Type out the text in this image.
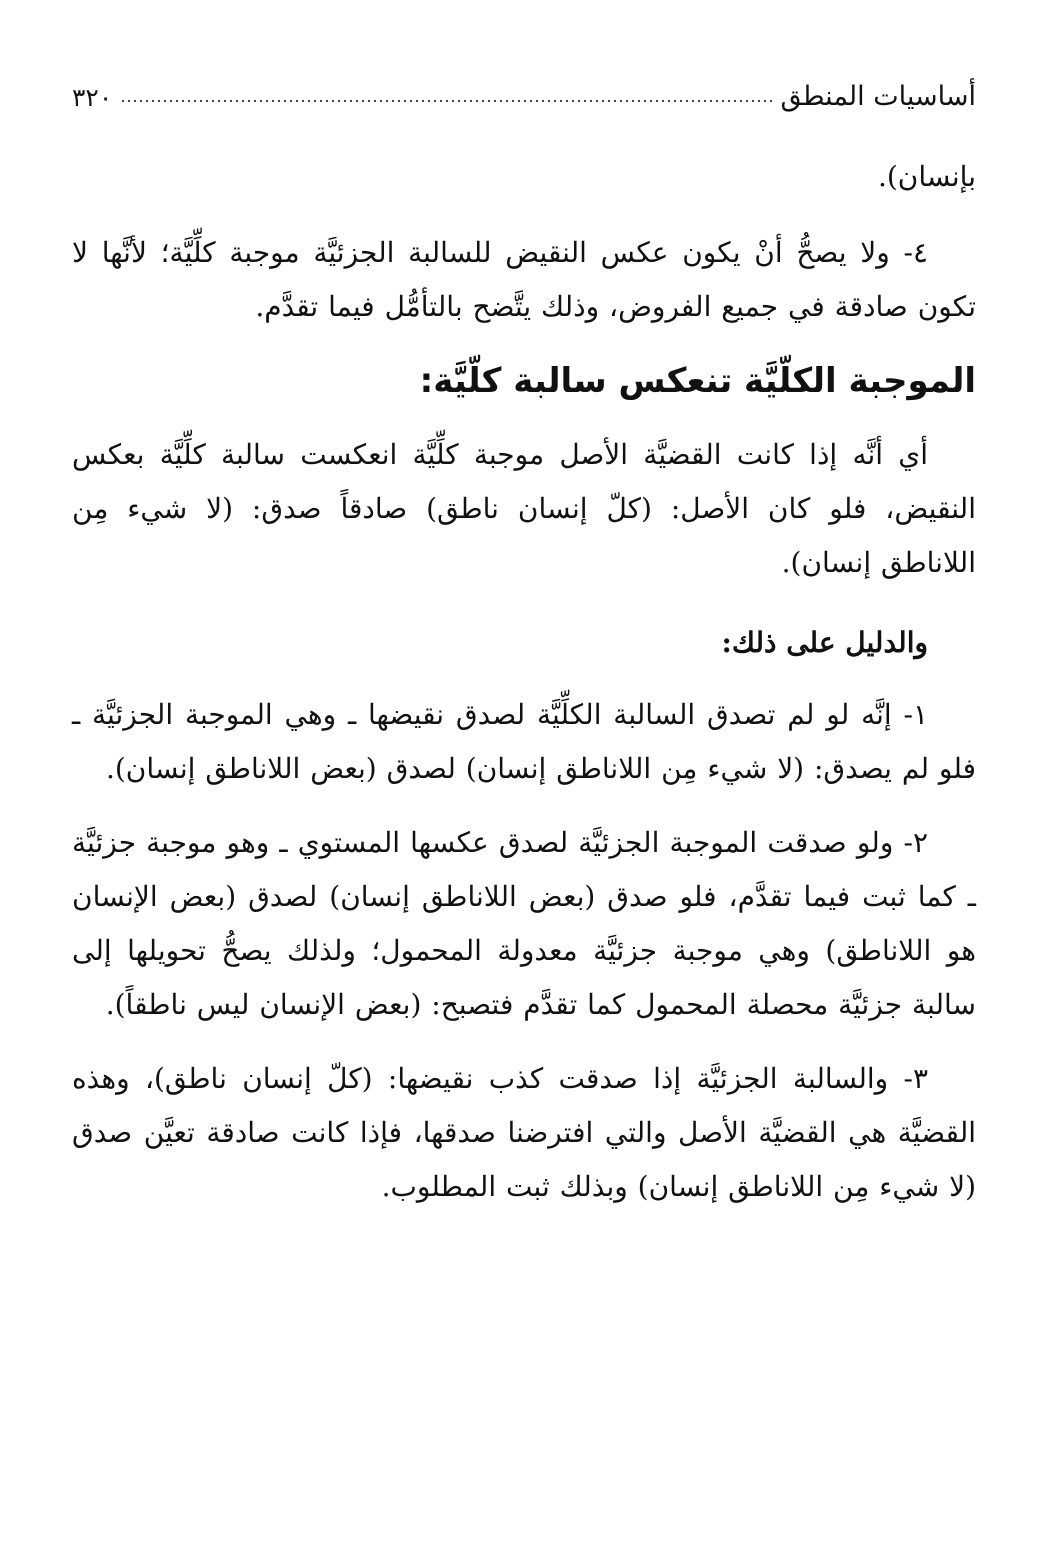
أساسيات المنطق
٣٢٠

بإنسان).

٤- ولا يصحُّ أنْ يكون عكس النقيض للسالبة الجزئيَّة موجبة كلِّيَّة؛ لأنَّها لا تكون صادقة في جميع الفروض، وذلك يتَّضح بالتأمُّل فيما تقدَّم.

الموجبة الكلّيَّة تنعكس سالبة كلّيَّة:

أي أنَّه إذا كانت القضيَّة الأصل موجبة كلِّيَّة انعكست سالبة كلِّيَّة بعكس النقيض، فلو كان الأصل: (كلّ إنسان ناطق) صادقاً صدق: (لا شيء مِن اللاناطق إنسان).

والدليل على ذلك:

١- إنَّه لو لم تصدق السالبة الكلِّيَّة لصدق نقيضها ـ وهي الموجبة الجزئيَّة ـ فلو لم يصدق: (لا شيء مِن اللاناطق إنسان) لصدق (بعض اللاناطق إنسان).

٢- ولو صدقت الموجبة الجزئيَّة لصدق عكسها المستوي ـ وهو موجبة جزئيَّة ـ كما ثبت فيما تقدَّم، فلو صدق (بعض اللاناطق إنسان) لصدق (بعض الإنسان هو اللاناطق) وهي موجبة جزئيَّة معدولة المحمول؛ ولذلك يصحُّ تحويلها إلى سالبة جزئيَّة محصلة المحمول كما تقدَّم فتصبح: (بعض الإنسان ليس ناطقاً).

٣- والسالبة الجزئيَّة إذا صدقت كذب نقيضها: (كلّ إنسان ناطق)، وهذه القضيَّة هي القضيَّة الأصل والتي افترضنا صدقها، فإذا كانت صادقة تعيَّن صدق (لا شيء مِن اللاناطق إنسان) وبذلك ثبت المطلوب.
